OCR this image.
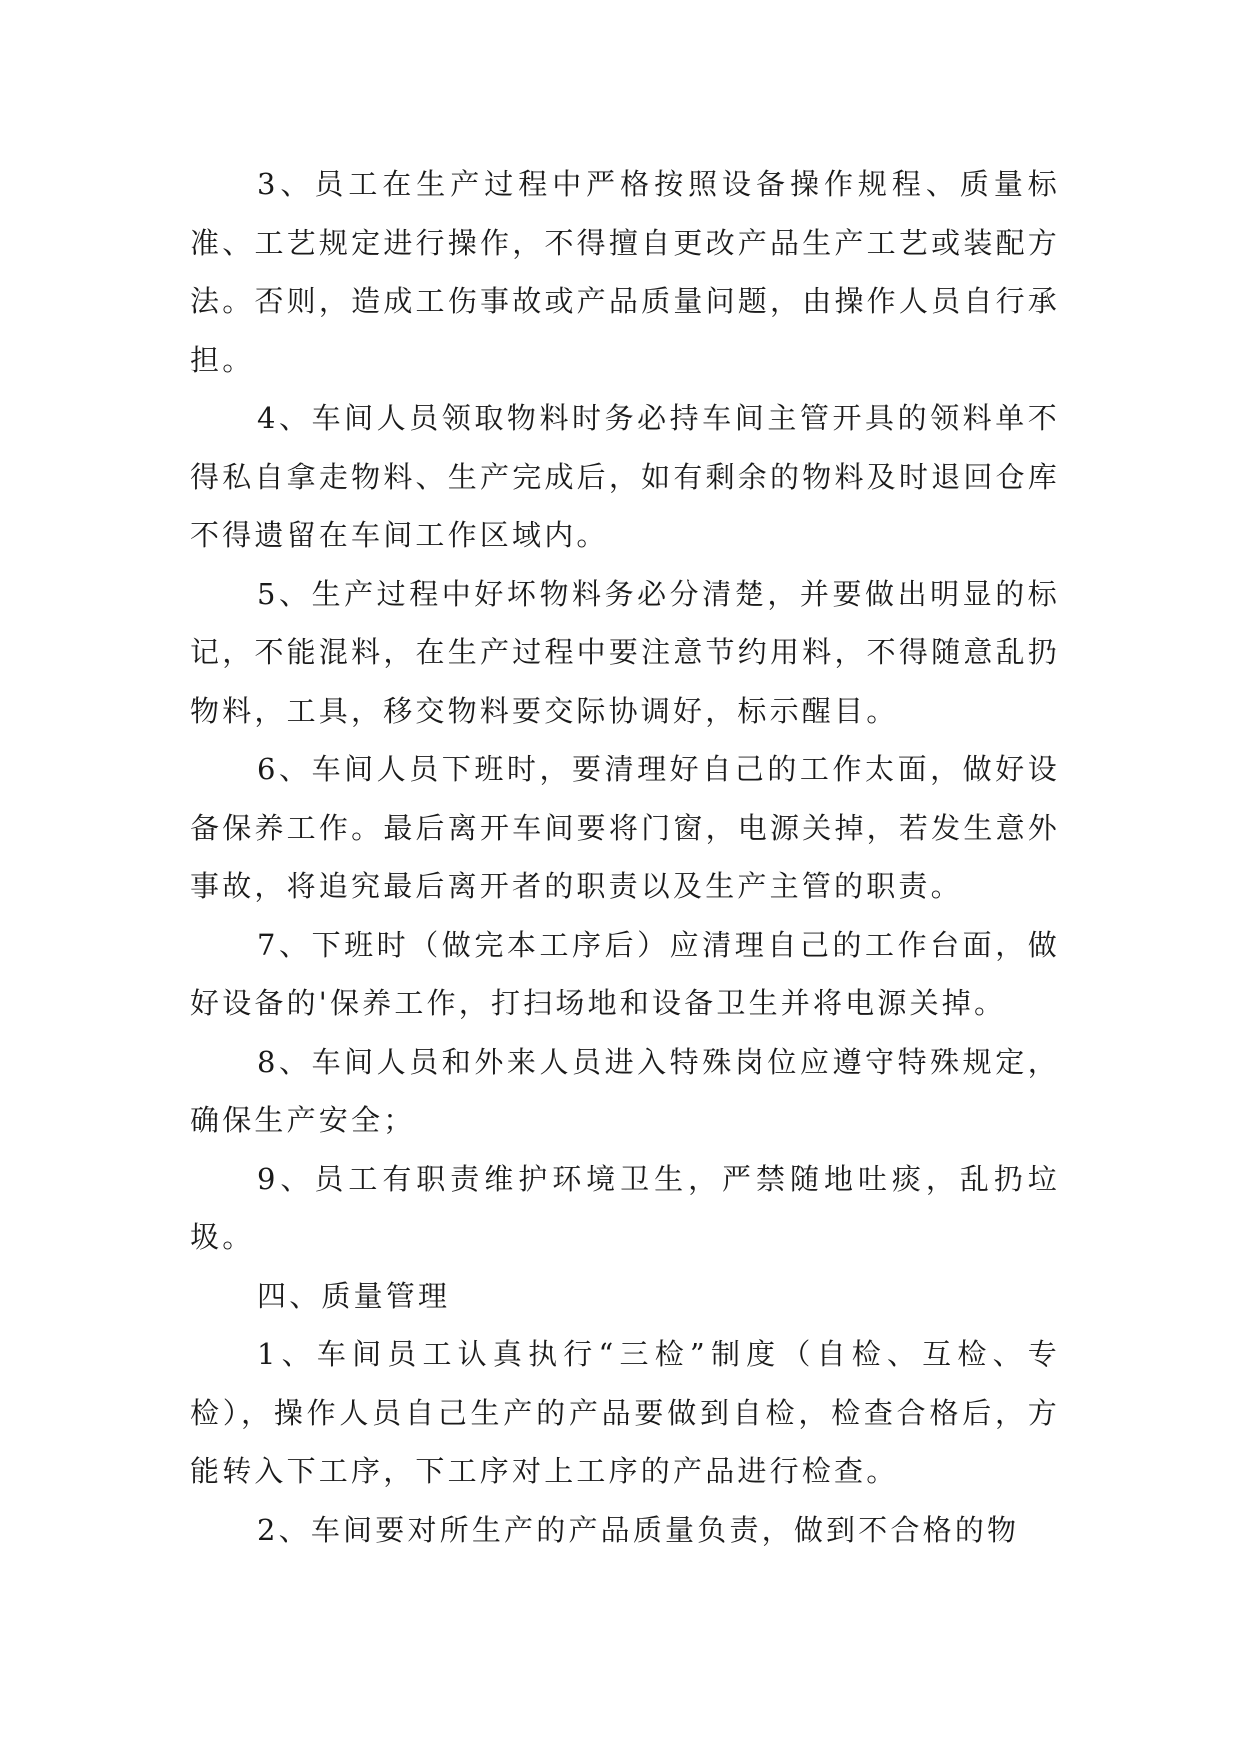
3、员工在生产过程中严格按照设备操作规程、质量标准、工艺规定进行操作，不得擅自更改产品生产工艺或装配方法。否则，造成工伤事故或产品质量问题，由操作人员自行承担。

4、车间人员领取物料时务必持车间主管开具的领料单不得私自拿走物料、生产完成后，如有剩余的物料及时退回仓库不得遗留在车间工作区域内。

5、生产过程中好坏物料务必分清楚，并要做出明显的标记，不能混料，在生产过程中要注意节约用料，不得随意乱扔物料，工具，移交物料要交际协调好，标示醒目。

6、车间人员下班时，要清理好自己的工作太面，做好设备保养工作。最后离开车间要将门窗，电源关掉，若发生意外事故，将追究最后离开者的职责以及生产主管的职责。

7、下班时（做完本工序后）应清理自己的工作台面，做好设备的'保养工作，打扫场地和设备卫生并将电源关掉。

8、车间人员和外来人员进入特殊岗位应遵守特殊规定，确保生产安全；

9、员工有职责维护环境卫生，严禁随地吐痰，乱扔垃圾。

四、质量管理

1、车间员工认真执行“三检”制度（自检、互检、专检），操作人员自己生产的产品要做到自检，检查合格后，方能转入下工序，下工序对上工序的产品进行检查。

2、车间要对所生产的产品质量负责，做到不合格的物
